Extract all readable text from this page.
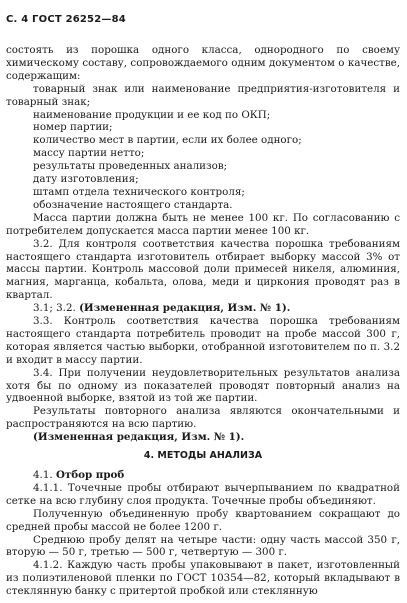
С. 4 ГОСТ 26252—84

состоять из порошка одного класса, однородного по своему химическому составу, сопровождаемого одним документом о качестве, содержащим:

товарный знак или наименование предприятия-изготовителя и товарный знак;

наименование продукции и ее код по ОКП;
номер партии;
количество мест в партии, если их более одного;
массу партии нетто;
результаты проведенных анализов;
дату изготовления;
штамп отдела технического контроля;
обозначение настоящего стандарта.

Масса партии должна быть не менее 100 кг. По согласованию с потребителем допускается масса партии менее 100 кг.

3.2. Для контроля соответствия качества порошка требованиям настоящего стандарта изготовитель отбирает выборку массой 3% от массы партии. Контроль массовой доли примесей никеля, алюминия, магния, марганца, кобальта, олова, меди и циркония проводят раз в квартал.

3.1; 3.2. (Измененная редакция, Изм. № 1).

3.3. Контроль соответствия качества порошка требованиям настоящего стандарта потребитель проводит на пробе массой 300 г, которая является частью выборки, отобранной изготовителем по п. 3.2 и входит в массу партии.

3.4. При получении неудовлетворительных результатов анализа хотя бы по одному из показателей проводят повторный анализ на удвоенной выборке, взятой из той же партии.

Результаты повторного анализа являются окончательными и распространяются на всю партию.

(Измененная редакция, Изм. № 1).

4. МЕТОДЫ АНАЛИЗА

4.1. Отбор проб

4.1.1. Точечные пробы отбирают вычерпыванием по квадратной сетке на всю глубину слоя продукта. Точечные пробы объединяют.

Полученную объединенную пробу квартованием сокращают до средней пробы массой не более 1200 г.

Среднюю пробу делят на четыре части: одну часть массой 350 г, вторую — 50 г, третью — 500 г, четвертую — 300 г.

4.1.2. Каждую часть пробы упаковывают в пакет, изготовленный из полиэтиленовой пленки по ГОСТ 10354—82, который вкладывают в стеклянную банку с притертой пробкой или стеклянную
